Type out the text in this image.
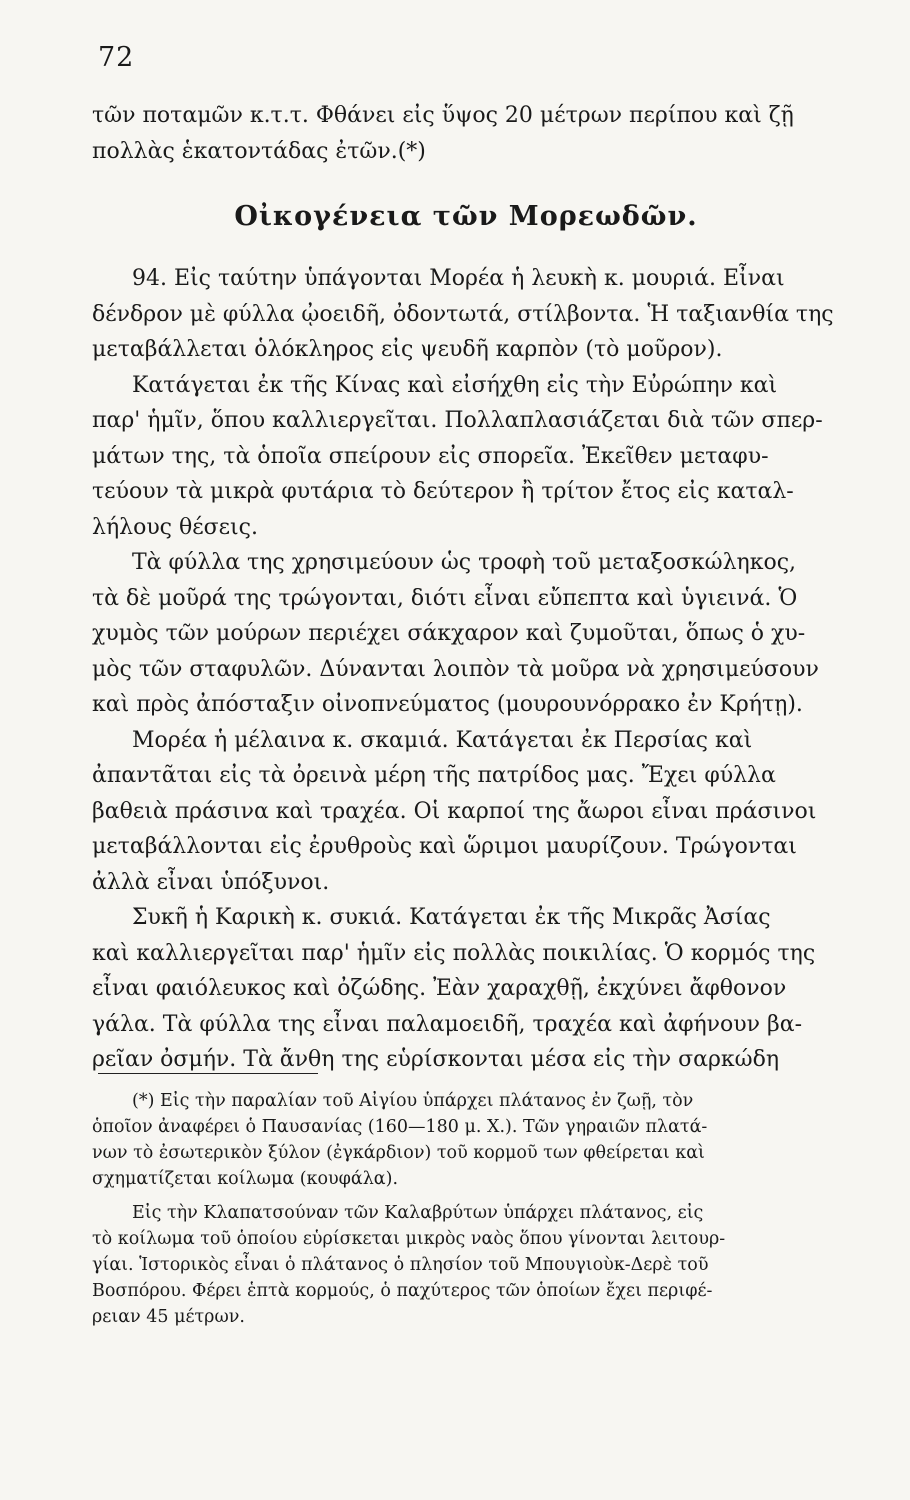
72
τῶν ποταμῶν κ.τ.τ. Φθάνει εἰς ὕψος 20 μέτρων περίπου καὶ ζῇ
πολλὰς ἑκατοντάδας ἐτῶν.(*)
Οἰκογένεια τῶν Μορεωδῶν.
94. Εἰς ταύτην ὑπάγονται Μορέα ἡ λευκὴ κ. μουριά. Εἶναι
δένδρον μὲ φύλλα ᾠοειδῆ, ὀδοντωτά, στίλβοντα. Ἡ ταξιανθία της
μεταβάλλεται ὁλόκληρος εἰς ψευδῆ καρπὸν (τὸ μοῦρον).
Κατάγεται ἐκ τῆς Κίνας καὶ εἰσήχθη εἰς τὴν Εὐρώπην καὶ
παρ' ἡμῖν, ὅπου καλλιεργεῖται. Πολλαπλασιάζεται διὰ τῶν σπερ-
μάτων της, τὰ ὁποῖα σπείρουν εἰς σπορεῖα. Ἐκεῖθεν μεταφυ-
τεύουν τὰ μικρὰ φυτάρια τὸ δεύτερον ἢ τρίτον ἔτος εἰς καταλ-
λήλους θέσεις.
Τὰ φύλλα της χρησιμεύουν ὡς τροφὴ τοῦ μεταξοσκώληκος,
τὰ δὲ μοῦρά της τρώγονται, διότι εἶναι εὔπεπτα καὶ ὑγιεινά. Ὁ
χυμὸς τῶν μούρων περιέχει σάκχαρον καὶ ζυμοῦται, ὅπως ὁ χυ-
μὸς τῶν σταφυλῶν. Δύνανται λοιπὸν τὰ μοῦρα νὰ χρησιμεύσουν
καὶ πρὸς ἀπόσταξιν οἰνοπνεύματος (μουρουνόρρακο ἐν Κρήτῃ).
Μορέα ἡ μέλαινα κ. σκαμιά. Κατάγεται ἐκ Περσίας καὶ
ἀπαντᾶται εἰς τὰ ὀρεινὰ μέρη τῆς πατρίδος μας. Ἔχει φύλλα
βαθειὰ πράσινα καὶ τραχέα. Οἱ καρποί της ἄωροι εἶναι πράσινοι
μεταβάλλονται εἰς ἐρυθροὺς καὶ ὥριμοι μαυρίζουν. Τρώγονται
ἀλλὰ εἶναι ὑπόξυνοι.
Συκῆ ἡ Καρικὴ κ. συκιά. Κατάγεται ἐκ τῆς Μικρᾶς Ἀσίας
καὶ καλλιεργεῖται παρ' ἡμῖν εἰς πολλὰς ποικιλίας. Ὁ κορμός της
εἶναι φαιόλευκος καὶ ὀζώδης. Ἐὰν χαραχθῇ, ἐκχύνει ἄφθονον
γάλα. Τὰ φύλλα της εἶναι παλαμοειδῆ, τραχέα καὶ ἀφήνουν βα-
ρεῖαν ὀσμήν. Τὰ ἄνθη της εὑρίσκονται μέσα εἰς τὴν σαρκώδη
(*) Εἰς τὴν παραλίαν τοῦ Αἰγίου ὑπάρχει πλάτανος ἐν ζωῇ, τὸν
ὁποῖον ἀναφέρει ὁ Παυσανίας (160—180 μ. Χ.). Τῶν γηραιῶν πλατά-
νων τὸ ἐσωτερικὸν ξύλον (ἐγκάρδιον) τοῦ κορμοῦ των φθείρεται καὶ
σχηματίζεται κοίλωμα (κουφάλα).
Εἰς τὴν Κλαπατσούναν τῶν Καλαβρύτων ὑπάρχει πλάτανος, εἰς
τὸ κοίλωμα τοῦ ὁποίου εὑρίσκεται μικρὸς ναὸς ὅπου γίνονται λειτουρ-
γίαι. Ἱστορικὸς εἶναι ὁ πλάτανος ὁ πλησίον τοῦ Μπουγιοὺκ-Δερὲ τοῦ
Βοσπόρου. Φέρει ἑπτὰ κορμούς, ὁ παχύτερος τῶν ὁποίων ἔχει περιφέ-
ρειαν 45 μέτρων.
